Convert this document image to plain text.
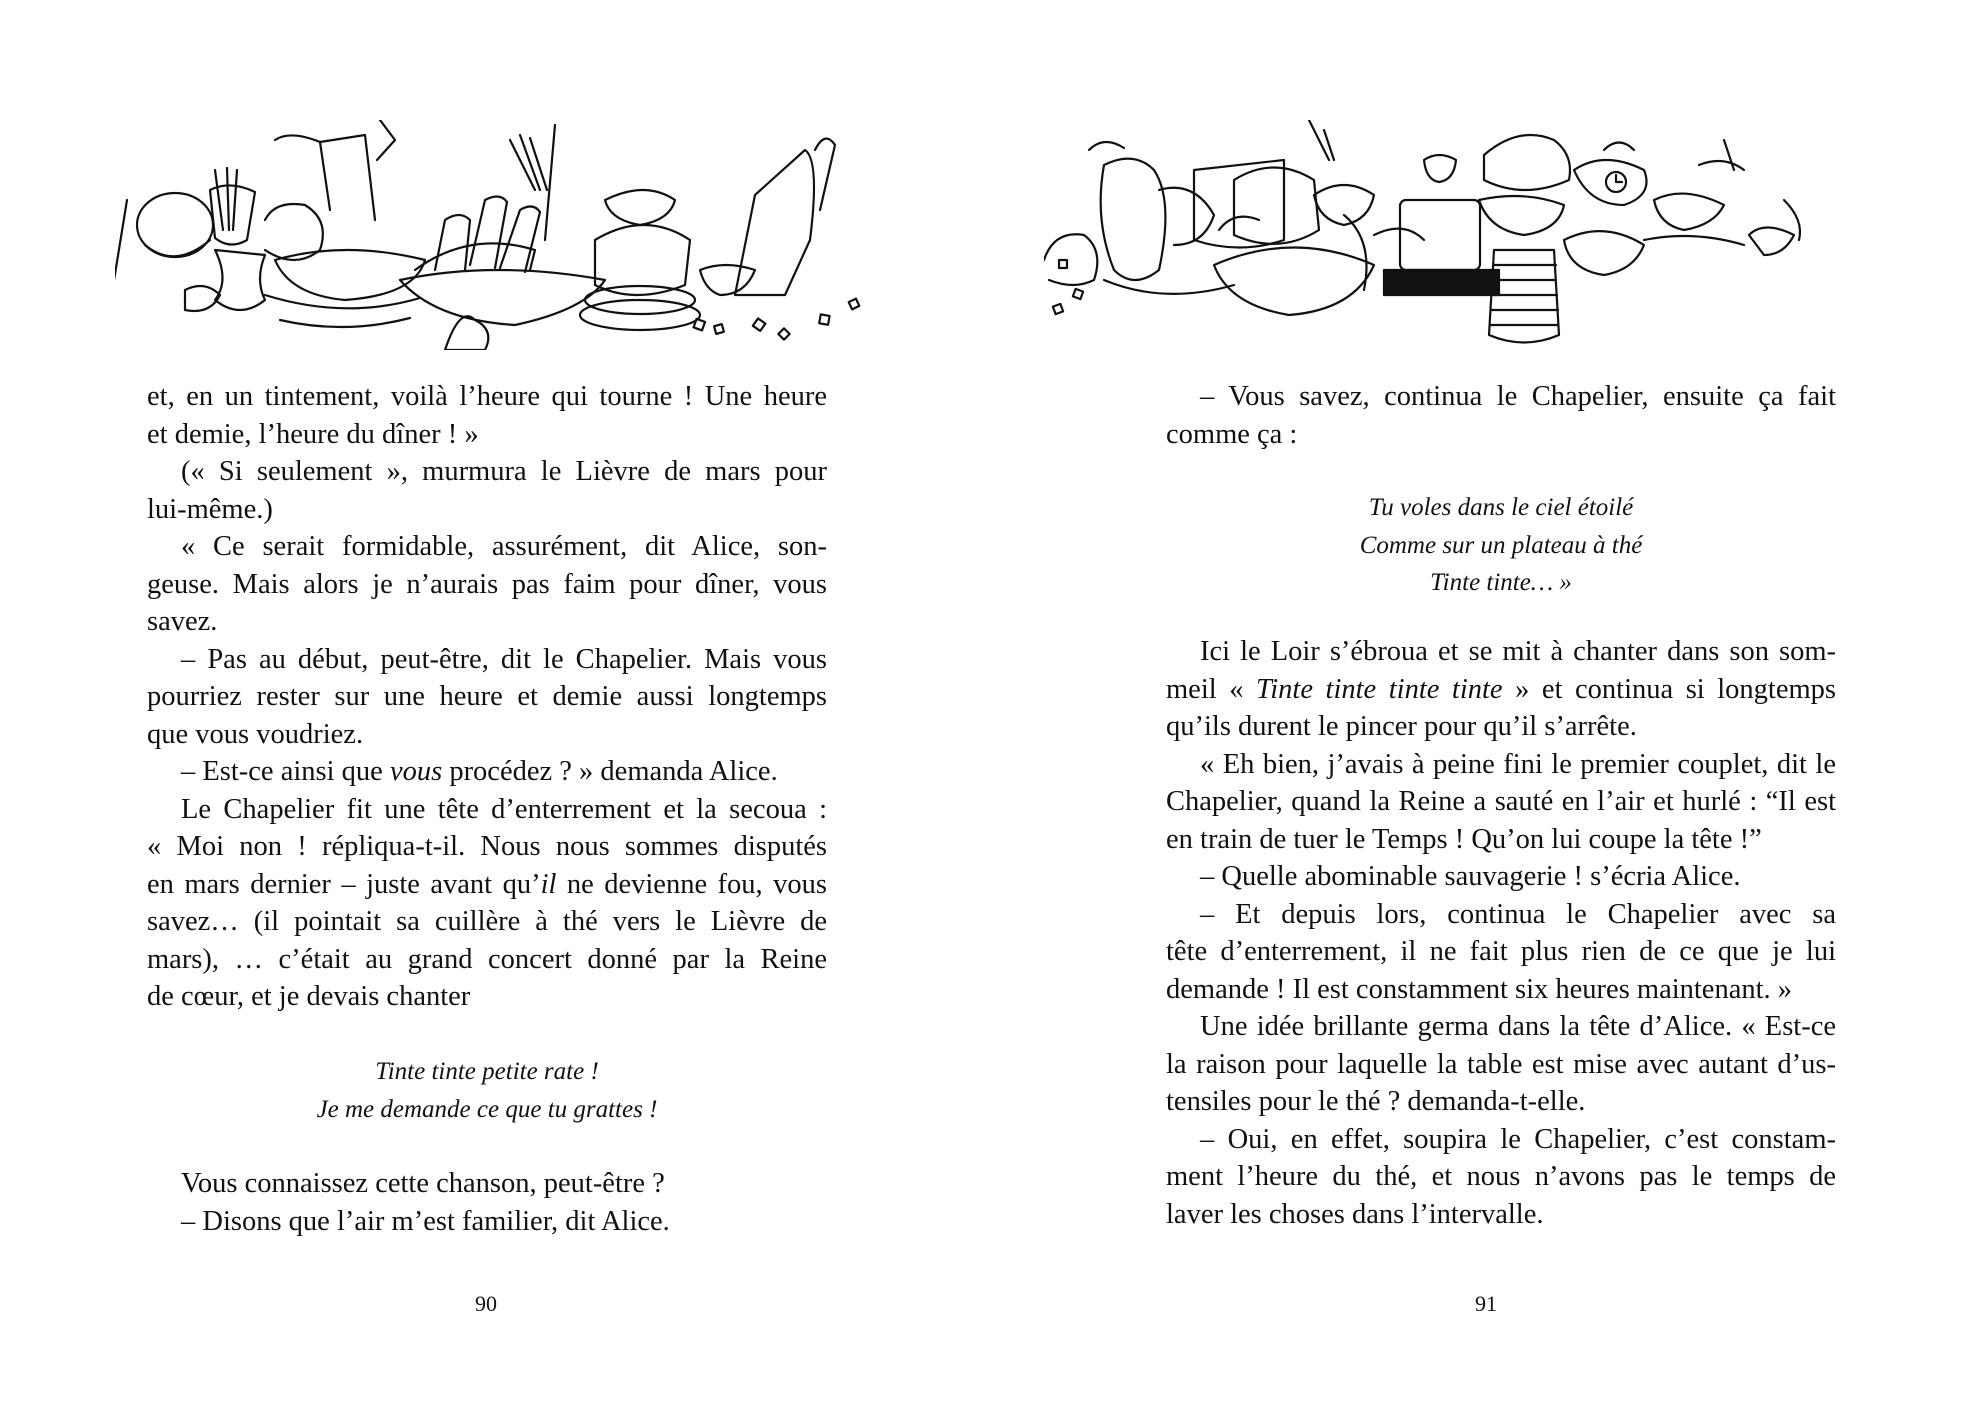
et, en un tintement, voilà l’heure qui tourne ! Une heure
et demie, l’heure du dîner ! »
(« Si seulement », murmura le Lièvre de mars pour
lui-même.)
« Ce serait formidable, assurément, dit Alice, son-
geuse. Mais alors je n’aurais pas faim pour dîner, vous
savez.
– Pas au début, peut-être, dit le Chapelier. Mais vous
pourriez rester sur une heure et demie aussi longtemps
que vous voudriez.
– Est-ce ainsi que vous procédez ? » demanda Alice.
Le Chapelier fit une tête d’enterrement et la secoua :
« Moi non ! répliqua-t-il. Nous nous sommes disputés
en mars dernier – juste avant qu’il ne devienne fou, vous
savez… (il pointait sa cuillère à thé vers le Lièvre de
mars), … c’était au grand concert donné par la Reine
de cœur, et je devais chanter
Tinte tinte petite rate !
Je me demande ce que tu grattes !
Vous connaissez cette chanson, peut-être ?
– Disons que l’air m’est familier, dit Alice.
90
– Vous savez, continua le Chapelier, ensuite ça fait
comme ça :
Tu voles dans le ciel étoilé
Comme sur un plateau à thé
Tinte tinte… »
Ici le Loir s’ébroua et se mit à chanter dans son som-
meil « Tinte tinte tinte tinte » et continua si longtemps
qu’ils durent le pincer pour qu’il s’arrête.
« Eh bien, j’avais à peine fini le premier couplet, dit le
Chapelier, quand la Reine a sauté en l’air et hurlé : “Il est
en train de tuer le Temps ! Qu’on lui coupe la tête !”
– Quelle abominable sauvagerie ! s’écria Alice.
– Et depuis lors, continua le Chapelier avec sa
tête d’enterrement, il ne fait plus rien de ce que je lui
demande ! Il est constamment six heures maintenant. »
Une idée brillante germa dans la tête d’Alice. « Est-ce
la raison pour laquelle la table est mise avec autant d’us-
tensiles pour le thé ? demanda-t-elle.
– Oui, en effet, soupira le Chapelier, c’est constam-
ment l’heure du thé, et nous n’avons pas le temps de
laver les choses dans l’intervalle.
91
